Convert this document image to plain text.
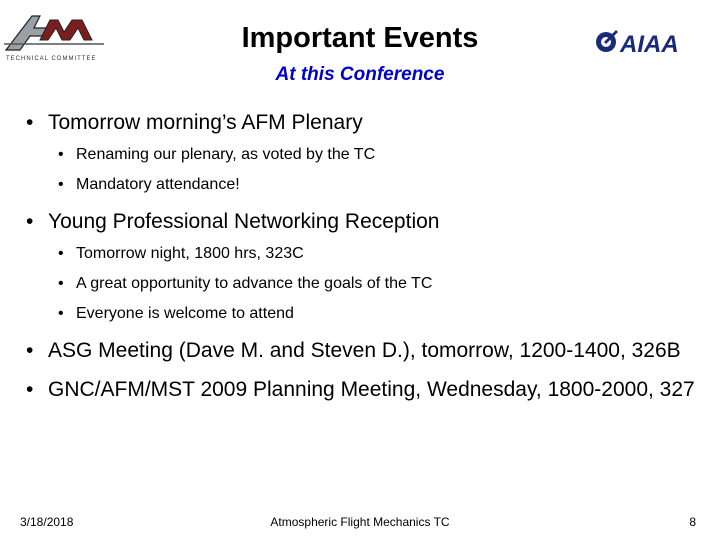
TECHNICAL COMMITTEE
AIAA
Important Events
At this Conference
• Tomorrow morning’s AFM Plenary
• Renaming our plenary, as voted by the TC
• Mandatory attendance!
• Young Professional Networking Reception
• Tomorrow night, 1800 hrs, 323C
• A great opportunity to advance the goals of the TC
• Everyone is welcome to attend
• ASG Meeting (Dave M. and Steven D.), tomorrow, 1200-1400, 326B
• GNC/AFM/MST 2009 Planning Meeting, Wednesday, 1800-2000, 327
3/18/2018	Atmospheric Flight Mechanics TC	8
